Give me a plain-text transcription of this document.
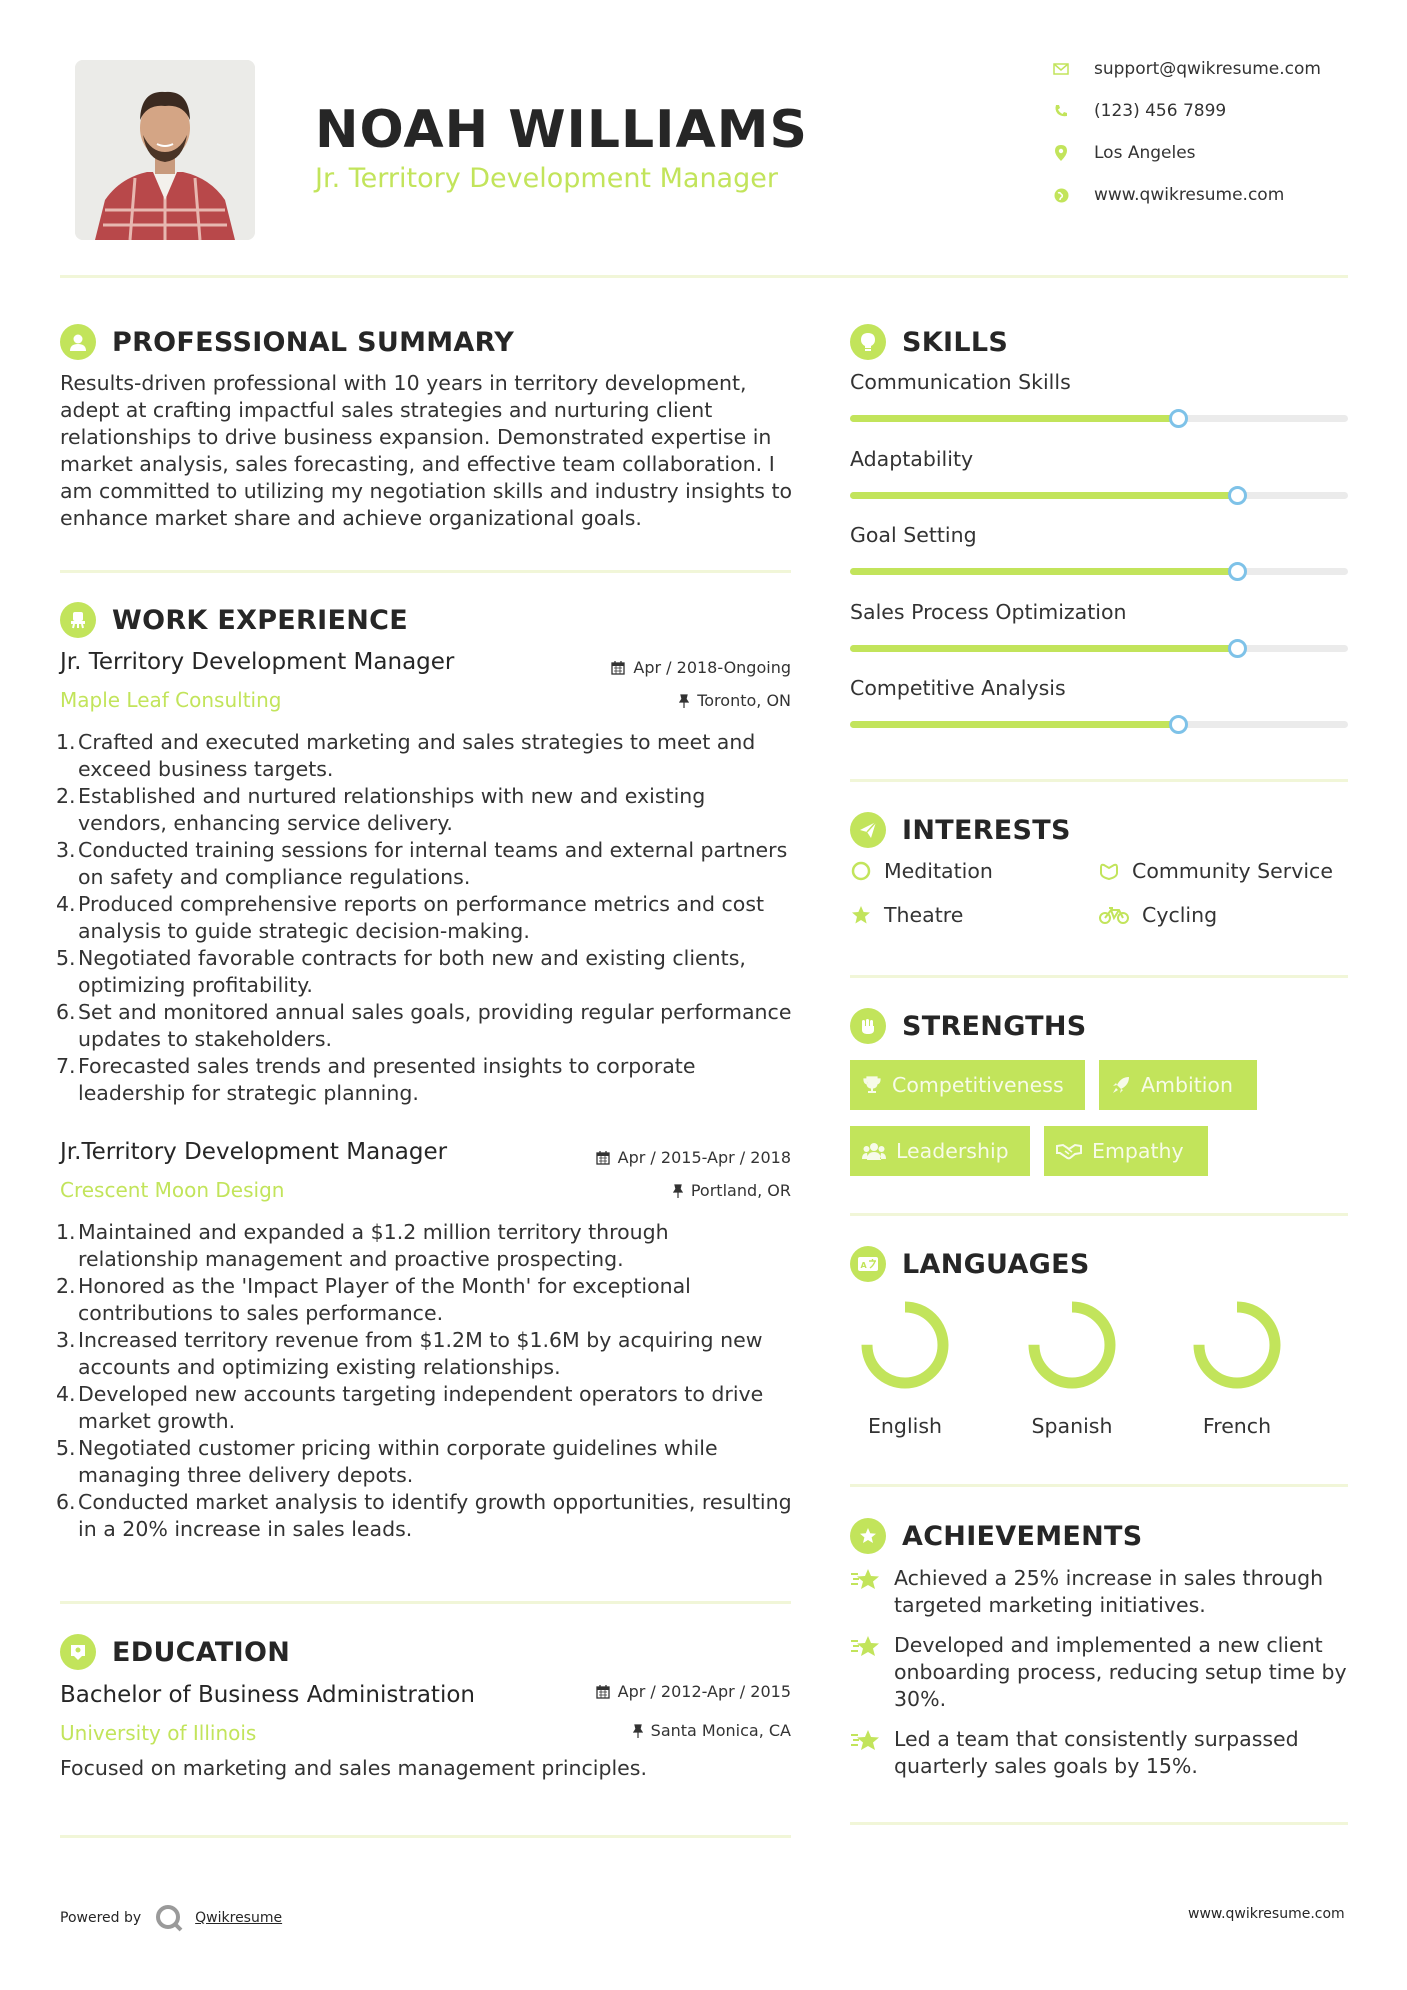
NOAH WILLIAMS
Jr. Territory Development Manager
support@qwikresume.com
(123) 456 7899
Los Angeles
www.qwikresume.com
PROFESSIONAL SUMMARY

Results-driven professional with 10 years in territory development, adept at crafting impactful sales strategies and nurturing client relationships to drive business expansion. Demonstrated expertise in market analysis, sales forecasting, and effective team collaboration. I am committed to utilizing my negotiation skills and industry insights to enhance market share and achieve organizational goals.

WORK EXPERIENCE
Jr. Territory Development Manager	Apr / 2018-Ongoing
Maple Leaf Consulting	Toronto, ON
Crafted and executed marketing and sales strategies to meet and exceed business targets.
Established and nurtured relationships with new and existing vendors, enhancing service delivery.
Conducted training sessions for internal teams and external partners on safety and compliance regulations.
Produced comprehensive reports on performance metrics and cost analysis to guide strategic decision-making.
Negotiated favorable contracts for both new and existing clients, optimizing profitability.
Set and monitored annual sales goals, providing regular performance updates to stakeholders.
Forecasted sales trends and presented insights to corporate leadership for strategic planning.
Jr.Territory Development Manager	Apr / 2015-Apr / 2018
Crescent Moon Design	Portland, OR
Maintained and expanded a $1.2 million territory through relationship management and proactive prospecting.
Honored as the 'Impact Player of the Month' for exceptional contributions to sales performance.
Increased territory revenue from $1.2M to $1.6M by acquiring new accounts and optimizing existing relationships.
Developed new accounts targeting independent operators to drive market growth.
Negotiated customer pricing within corporate guidelines while managing three delivery depots.
Conducted market analysis to identify growth opportunities, resulting in a 20% increase in sales leads.
EDUCATION
Bachelor of Business Administration	Apr / 2012-Apr / 2015
University of Illinois	Santa Monica, CA

Focused on marketing and sales management principles.

SKILLS
Communication Skills
Adaptability
Goal Setting
Sales Process Optimization
Competitive Analysis
INTERESTS
Meditation	Community Service
Theatre	Cycling
STRENGTHS
Competitiveness	Ambition
Leadership	Empathy
A LANGUAGES
English	Spanish	French
ACHIEVEMENTS
Achieved a 25% increase in sales through targeted marketing initiatives.
Developed and implemented a new client onboarding process, reducing setup time by 30%.
Led a team that consistently surpassed quarterly sales goals by 15%.
Powered by	Qwikresume	www.qwikresume.com
